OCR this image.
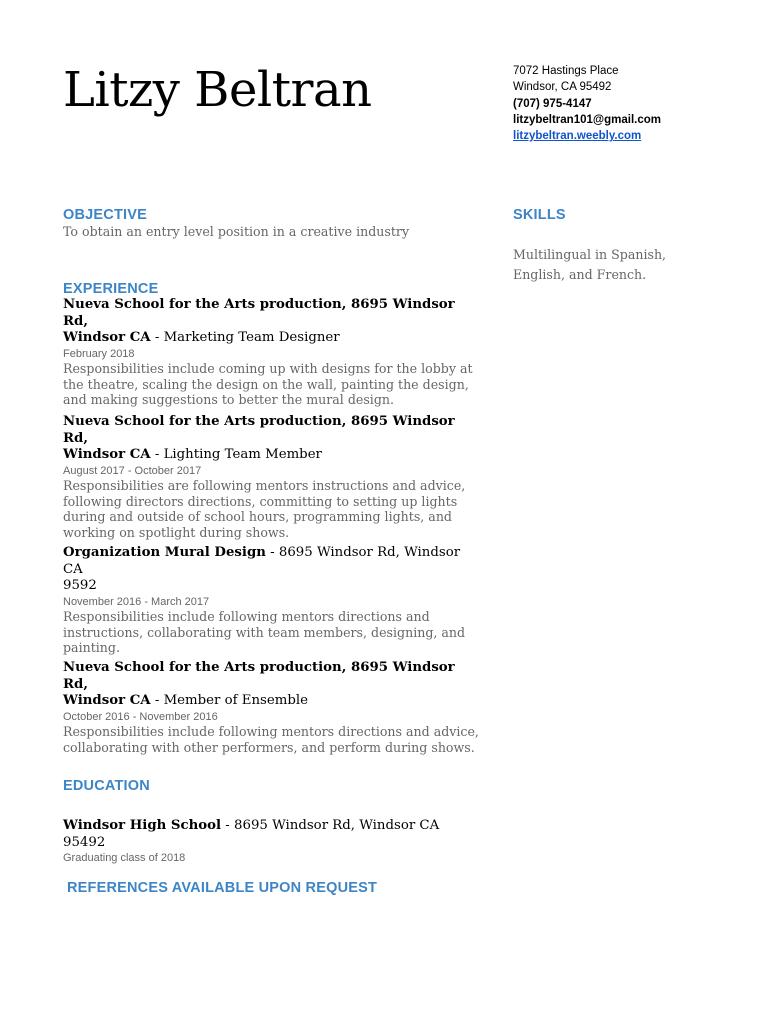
Litzy Beltran	7072 Hastings Place
Windsor, CA 95492
(707) 975-4147
litzybeltran101@gmail.com
litzybeltran.weebly.com
OBJECTIVE
To obtain an entry level position in a creative industry
SKILLS
Multilingual in Spanish,
English, and French.
EXPERIENCE
Nueva School for the Arts production, 8695 Windsor Rd,
Windsor CA - Marketing Team Designer
February 2018
Responsibilities include coming up with designs for the lobby at
the theatre, scaling the design on the wall, painting the design,
and making suggestions to better the mural design.
Nueva School for the Arts production, 8695 Windsor Rd,
Windsor CA - Lighting Team Member
August 2017 - October 2017
Responsibilities are following mentors instructions and advice,
following directors directions, committing to setting up lights
during and outside of school hours, programming lights, and
working on spotlight during shows.
Organization Mural Design - 8695 Windsor Rd, Windsor CA
9592
November 2016 - March 2017
Responsibilities include following mentors directions and
instructions, collaborating with team members, designing, and
painting.
Nueva School for the Arts production, 8695 Windsor Rd,
Windsor CA - Member of Ensemble
October 2016 - November 2016
Responsibilities include following mentors directions and advice,
collaborating with other performers, and perform during shows.
EDUCATION
Windsor High School - 8695 Windsor Rd, Windsor CA
95492
Graduating class of 2018
REFERENCES AVAILABLE UPON REQUEST
